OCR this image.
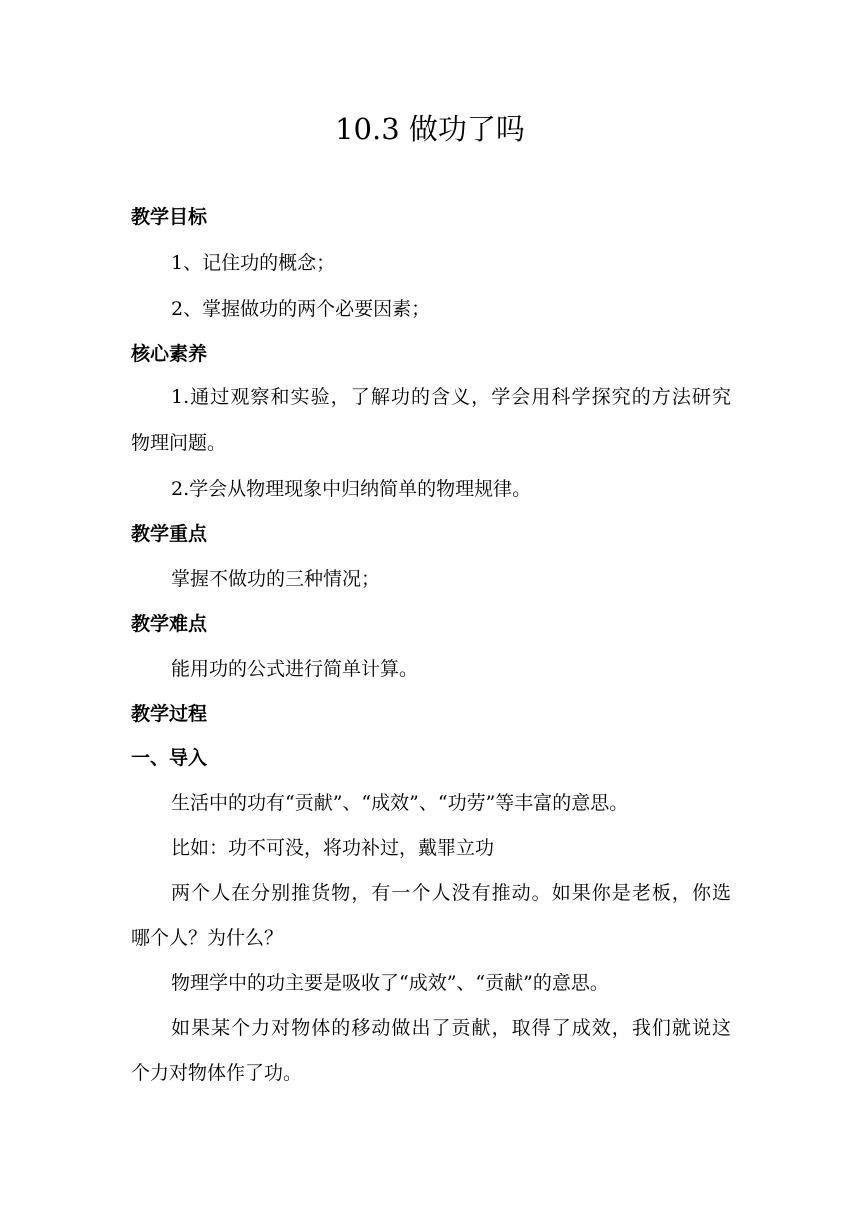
10.3 做功了吗

教学目标

1、记住功的概念；

2、掌握做功的两个必要因素；

核心素养

1.通过观察和实验，了解功的含义，学会用科学探究的方法研究

物理问题。

2.学会从物理现象中归纳简单的物理规律。

教学重点

掌握不做功的三种情况；

教学难点

能用功的公式进行简单计算。

教学过程

一、导入

生活中的功有“贡献”、“成效”、“功劳”等丰富的意思。

比如：功不可没，将功补过，戴罪立功

两个人在分别推货物，有一个人没有推动。如果你是老板，你选

哪个人？为什么？

物理学中的功主要是吸收了“成效”、“贡献”的意思。

如果某个力对物体的移动做出了贡献，取得了成效，我们就说这

个力对物体作了功。
